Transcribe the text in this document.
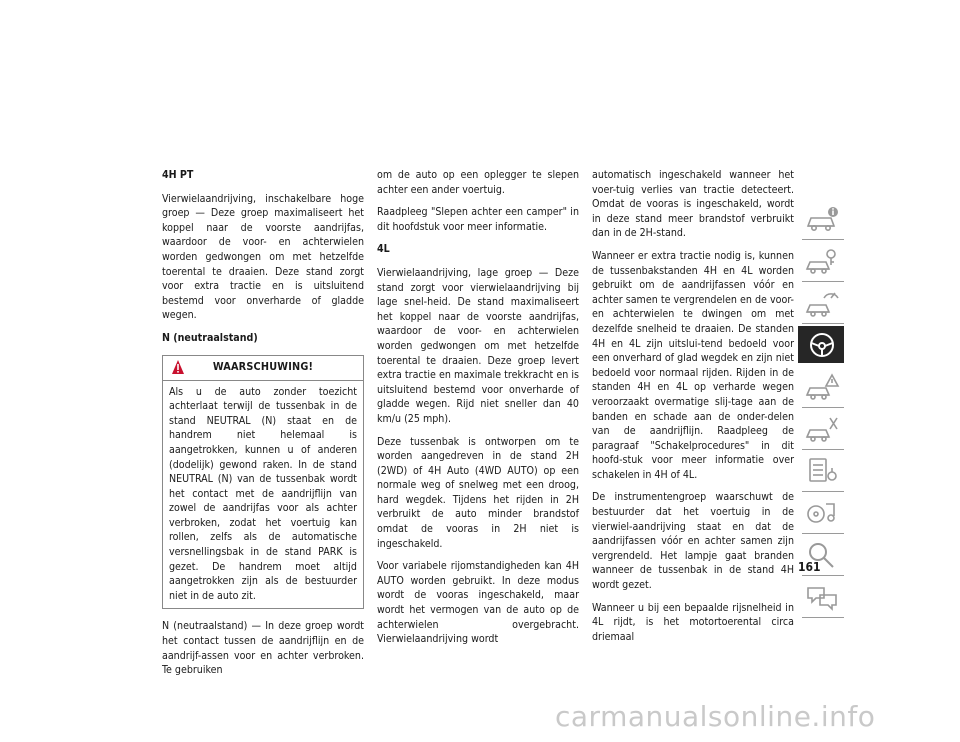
4H PT

Vierwielaandrijving, inschakelbare hoge groep — Deze groep maximaliseert het koppel naar de voorste aandrijfas, waardoor de voor- en achterwielen worden gedwongen om met hetzelfde toerental te draaien. Deze stand zorgt voor extra tractie en is uitsluitend bestemd voor onverharde of gladde wegen.

N (neutraalstand)

WAARSCHUWING!
Als u de auto zonder toezicht achterlaat terwijl de tussenbak in de stand NEUTRAL (N) staat en de handrem niet helemaal is aangetrokken, kunnen u of anderen (dodelijk) gewond raken. In de stand NEUTRAL (N) van de tussenbak wordt het contact met de aandrijflijn van zowel de aandrijfas voor als achter verbroken, zodat het voertuig kan rollen, zelfs als de automatische versnellingsbak in de stand PARK is gezet. De handrem moet altijd aangetrokken zijn als de bestuurder niet in de auto zit.

N (neutraalstand) — In deze groep wordt het contact tussen de aandrijflijn en de aandrijf-assen voor en achter verbroken. Te gebruiken

om de auto op een oplegger te slepen achter een ander voertuig.

Raadpleeg "Slepen achter een camper" in dit hoofdstuk voor meer informatie.

4L

Vierwielaandrijving, lage groep — Deze stand zorgt voor vierwielaandrijving bij lage snel-heid. De stand maximaliseert het koppel naar de voorste aandrijfas, waardoor de voor- en achterwielen worden gedwongen om met hetzelfde toerental te draaien. Deze groep levert extra tractie en maximale trekkracht en is uitsluitend bestemd voor onverharde of gladde wegen. Rijd niet sneller dan 40 km/u (25 mph).

Deze tussenbak is ontworpen om te worden aangedreven in de stand 2H (2WD) of 4H Auto (4WD AUTO) op een normale weg of snelweg met een droog, hard wegdek. Tijdens het rijden in 2H verbruikt de auto minder brandstof omdat de vooras in 2H niet is ingeschakeld.

Voor variabele rijomstandigheden kan 4H AUTO worden gebruikt. In deze modus wordt de vooras ingeschakeld, maar wordt het vermogen van de auto op de achterwielen overgebracht. Vierwielaandrijving wordt

automatisch ingeschakeld wanneer het voer-tuig verlies van tractie detecteert. Omdat de vooras is ingeschakeld, wordt in deze stand meer brandstof verbruikt dan in de 2H-stand.

Wanneer er extra tractie nodig is, kunnen de tussenbakstanden 4H en 4L worden gebruikt om de aandrijfassen vóór en achter samen te vergrendelen en de voor- en achterwielen te dwingen om met dezelfde snelheid te draaien. De standen 4H en 4L zijn uitslui-tend bedoeld voor een onverhard of glad wegdek en zijn niet bedoeld voor normaal rijden. Rijden in de standen 4H en 4L op verharde wegen veroorzaakt overmatige slij-tage aan de banden en schade aan de onder-delen van de aandrijflijn. Raadpleeg de paragraaf "Schakelprocedures" in dit hoofd-stuk voor meer informatie over schakelen in 4H of 4L.

De instrumentengroep waarschuwt de bestuurder dat het voertuig in de vierwiel-aandrijving staat en dat de aandrijfassen vóór en achter samen zijn vergrendeld. Het lampje gaat branden wanneer de tussenbak in de stand 4H wordt gezet.

Wanneer u bij een bepaalde rijsnelheid in 4L rijdt, is het motortoerental circa driemaal

161
carmanualsonline.info
